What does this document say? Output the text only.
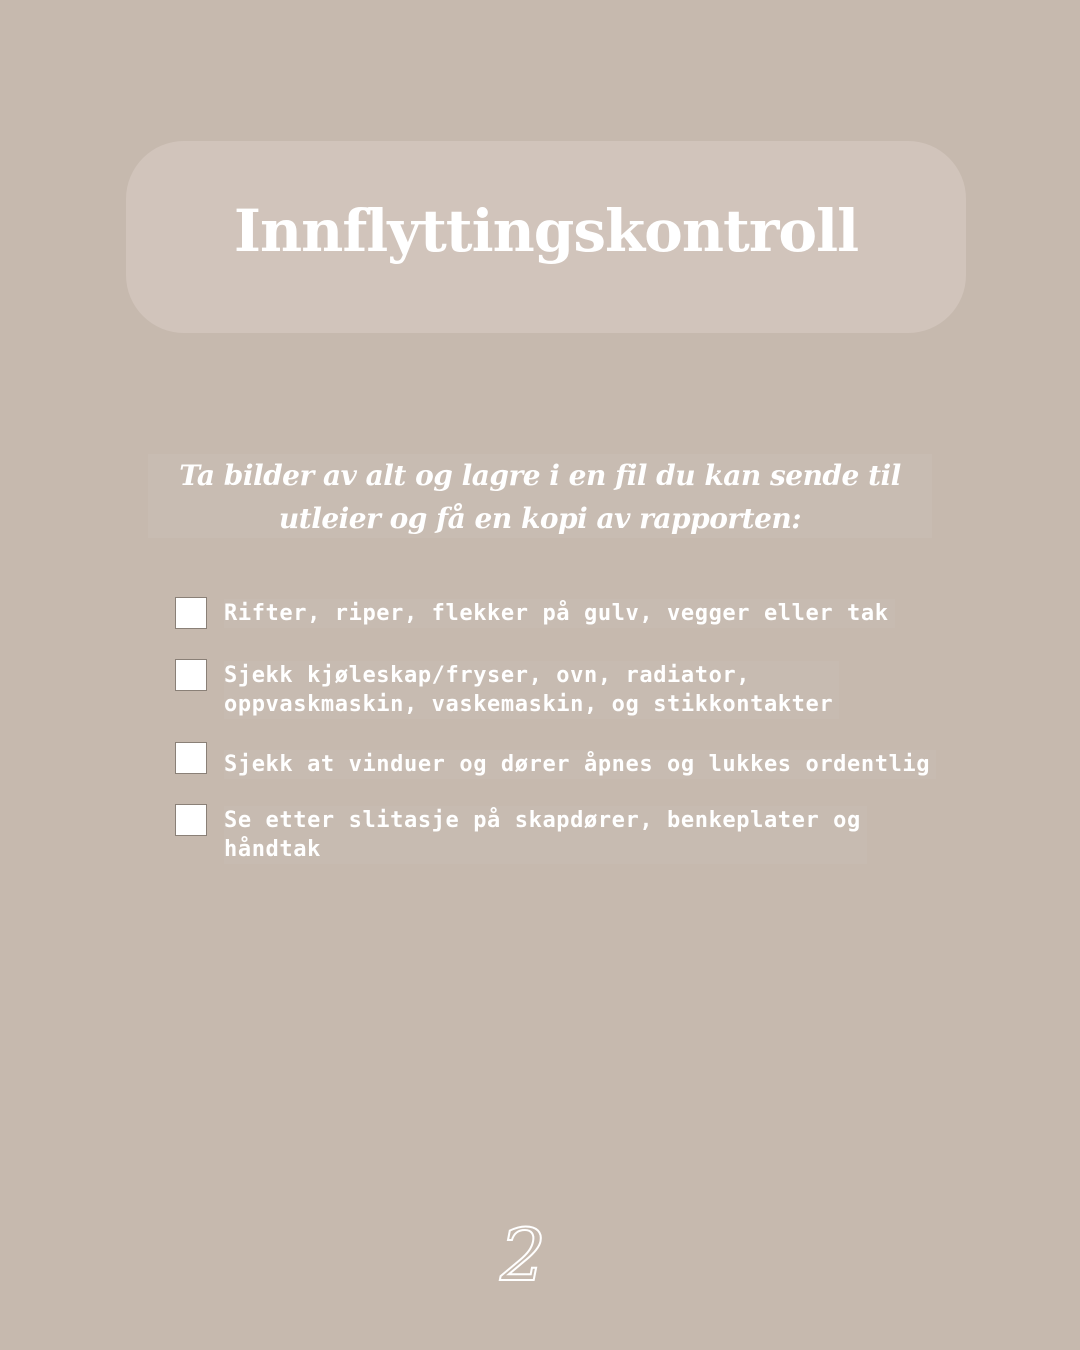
Innflyttingskontroll
Ta bilder av alt og lagre i en fil du kan sende til
utleier og få en kopi av rapporten:
Rifter, riper, flekker på gulv, vegger eller tak
Sjekk kjøleskap/fryser, ovn, radiator,
oppvaskmaskin, vaskemaskin, og stikkontakter
Sjekk at vinduer og dører åpnes og lukkes ordentlig
Se etter slitasje på skapdører, benkeplater og
håndtak
2
